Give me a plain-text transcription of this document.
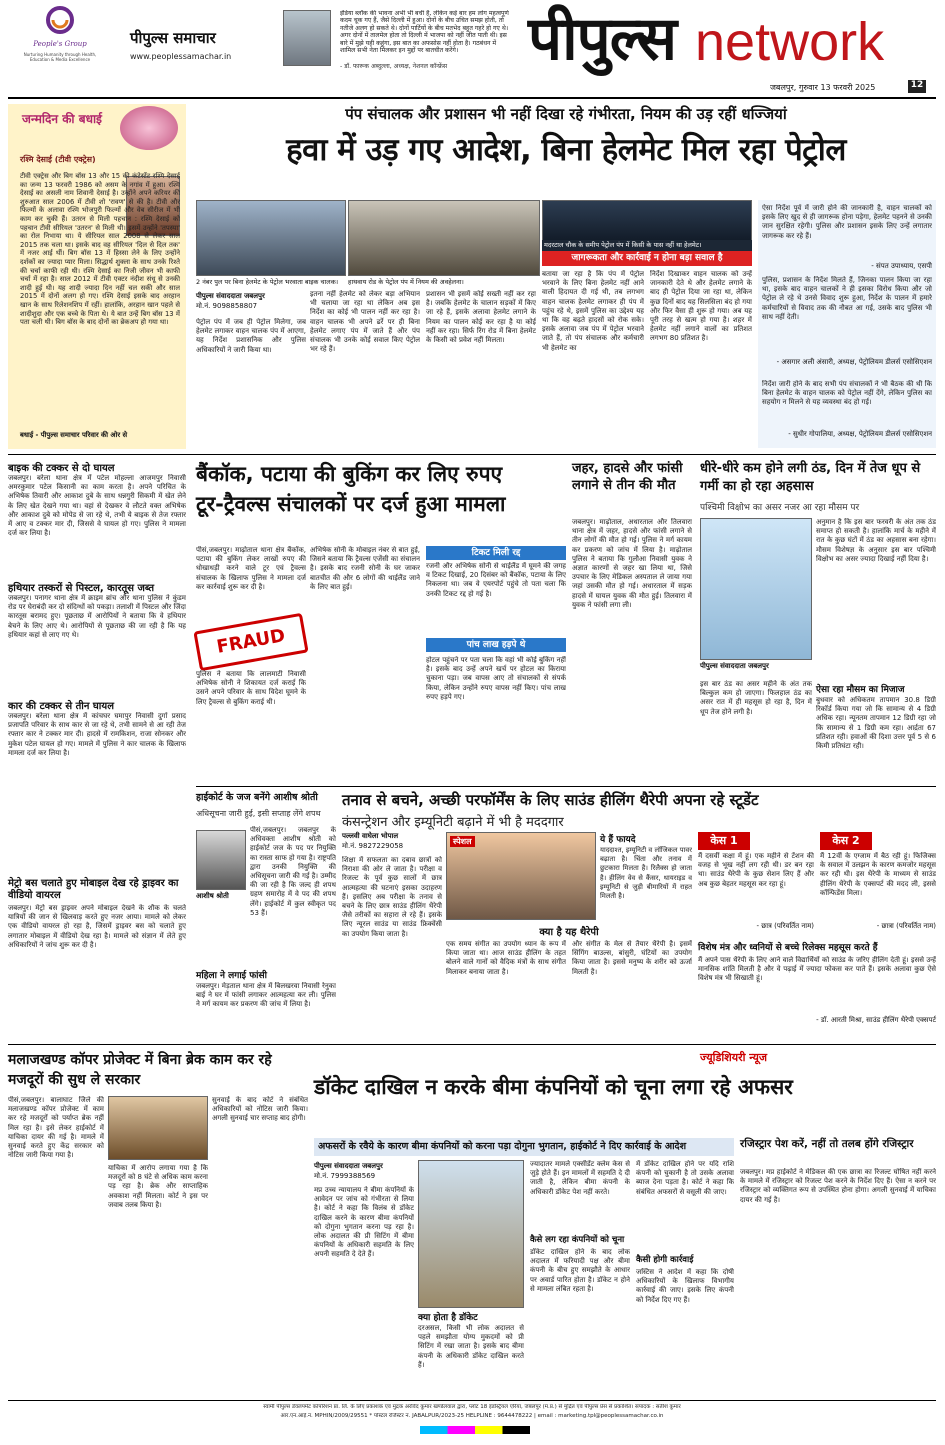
People's Group
Nurturing Humanity through Health, Education & Media Excellence
पीपुल्स समाचार
www.peoplessamachar.in
इंडिया ब्लॉक की भावना अभी भी बची है, लेकिन कई बार हम लोग महत्वपूर्ण कदम चूक गए हैं, जैसे दिल्ली में हुआ। दोनों के बीच उचित समझ होती, तो नतीजे अलग हो सकते थे। दोनों पार्टियों के बीच मतभेद बहुत गहरे हो गए थे। अगर दोनों में तालमेल होता तो दिल्ली में भाजपा को नहीं जीत पाती थी। इस बारे में मुझे यही कहूंगा, इस बात का अफसोस नहीं होता है। गठबंधन में शामिल सभी नेता मिलकर इन मुद्दों पर बातचीत करेंगे।
- डॉ. फारूक अब्दुल्ला, अध्यक्ष, नेशनल कॉन्फ्रेंस	पीपुल्स network
जबलपुर, गुरुवार 13 फरवरी 2025	12
जन्मदिन की बधाई
रश्मि देसाई (टीवी एक्ट्रेस)
टीवी एक्ट्रेस और बिग बॉस 13 और 15 की कंटेस्टेंट रश्मि देसाई का जन्म 13 फरवरी 1986 को असम के नगांव में हुआ। रश्मि देसाई का असली नाम शिवानी देसाई है। उन्होंने अपने करियर की शुरुआत साल 2006 में टीवी शो 'रावण' से की है। टीवी और फिल्मों के अलावा रश्मि भोजपुरी फिल्मों और वेब सीरीज में भी काम कर चुकी हैं। उतरन से मिली पहचान : रश्मि देसाई को पहचान टीवी सीरियल 'उतरन' से मिली थी। इसमें उन्होंने 'तपस्या' का रोल निभाया था। ये सीरियल साल 2008 से लेकर साल 2015 तक चला था। इसके बाद वह सीरियल 'दिल से दिल तक' में नजर आई थीं। बिग बॉस 13 में हिस्सा लेने के लिए उन्होंने दर्शकों का ज्यादा प्यार मिला। सिद्धार्थ शुक्ला के साथ उनके रिश्ते की चर्चा काफी रही थी। रश्मि देसाई का निजी जीवन भी काफी चर्चा में रहा है। साल 2012 में टीवी एक्टर नंदीश संधू से उनकी शादी हुई थी। यह शादी ज्यादा दिन नहीं चल सकी और साल 2015 में दोनों अलग हो गए। रश्मि देसाई इसके बाद अरहान खान के साथ रिलेशनशिप में रहीं। हालांकि, अरहान खान पहले से शादीशुदा और एक बच्चे के पिता थे। ये बात उन्हें बिग बॉस 13 में पता चली थी। बिग बॉस के बाद दोनों का ब्रेकअप हो गया था।
बधाई - पीपुल्स समाचार परिवार की ओर से
पंप संचालक और प्रशासन भी नहीं दिखा रहे गंभीरता, नियम की उड़ रहीं धज्जियां
हवा में उड़ गए आदेश, बिना हेलमेट मिल रहा पेट्रोल
2 नंबर पुल पर बिना हेलमेट के पेट्रोल भरवाता बाइक चालक।	हाथवाय रोड के पेट्रोल पंप में नियम की अवहेलना।
मदरटाल चौक के समीप पेट्रोल पंप में किसी के पास नहीं था हेलमेट।
जागरूकता और कार्रवाई न होना बड़ा सवाल है
पीपुल्स संवाददाता जबलपुर
मो.नं. 9098858807
पेट्रोल पंप में जब ही पेट्रोल मिलेगा, जब हेलमेट लगाकर वाहन चालक पंप में आएगा, यह निर्देश प्रशासनिक और पुलिस अधिकारियों ने जारी किया था।
इतना नहीं हेलमेट को लेकर बड़ा अभियान भी चलाया जा रहा था लेकिन अब इस निर्देश का कोई भी पालन नहीं कर रहा है। वाहन चालक भी अपने ढर्रे पर ही बिना हेलमेट लगाए पंप में जाते हैं और पंप संचालक भी उनके कोई सवाल किए पेट्रोल भर रहे हैं।
प्रशासन भी इसमें कोई सख्ती नहीं कर रहा है। जबकि हेलमेट के चालान सड़कों में किए जा रहे हैं, इसके अलावा हेलमेट लगाने के नियम का पालन कोई कर रहा है या कोई नहीं कर रहा। सिर्फ रिंग रोड में बिना हेलमेट के किसी को प्रवेश नहीं मिलता।
बताया जा रहा है कि पंप में पेट्रोल भरवाने के लिए बिना हेलमेट नहीं आने वाली हिदायत दी गई थी, तब लगभग वाहन चालक हेलमेट लगाकर ही पंप में पहुंच रहे थे, इसमें पुलिस का उद्देश्य यह था कि वह बढ़ते हादसों को रोक सके। इसके अलावा जब पंप में पेट्रोल भरवाने जाते हैं, तो पंप संचालक और कर्मचारी भी हेलमेट का
निर्देश दिखाकर वाहन चालक को उन्हें जानकारी देते थे और हेलमेट लगाने के बाद ही पेट्रोल दिया जा रहा था, लेकिन कुछ दिनों बाद यह सिलसिला बंद हो गया और फिर वैसा ही शुरू हो गया। अब यह पूरी तरह से खत्म हो गया है। शहर में हेलमेट नहीं लगाने वालों का प्रतिशत लगभग 80 प्रतिशत है।
ऐसा निर्देश पूर्व में जारी होने की जानकारी है, वाहन चालकों को इसके लिए खुद से ही जागरूक होना पड़ेगा, हेलमेट पहनने से उनकी जान सुरक्षित रहेगी। पुलिस और प्रशासन इसके लिए उन्हें लगातार जागरूक कर रहे हैं।
- संपत उपाध्याय, एसपी
पुलिस, प्रशासन के निर्देश मिलते हैं, जिनका पालन किया जा रहा था, इसके बाद वाहन चालकों ने ही इसका विरोध किया और जो पेट्रोल ले रहे थे उनसे विवाद शुरू हुआ, निर्देश के पालन में हमारे कर्मचारियों से विवाद तक की नौबत आ गई, उसके बाद पुलिस भी साथ नहीं देती।
- असगार अली अंसारी, अध्यक्ष, पेट्रोलियम डीलर्स एसोसिएशन
निर्देश जारी होने के बाद सभी पंप संचालकों ने भी बैठक की थी कि बिना हेलमेट के वाहन चालक को पेट्रोल नहीं देंगे, लेकिन पुलिस का सहयोग न मिलने से यह व्यवस्था बंद हो गई।
- सुधीर गोपालिया, अध्यक्ष, पेट्रोलियम डीलर्स एसोसिएशन
बाइक की टक्कर से दो घायल
जबलपुर। बरेला थाना क्षेत्र में पटेल मोहल्ला आजमपुर निवासी अमरकुमार पटेल किसानी का काम करता है। अपने परिचित के अभिषेक तिवारी और आकाश दुबे के साथ धन्नगुरी सिकमी में खेत लेने के लिए खेत देखने गया था। वहां से देखकर वे लौटते वक्त अभिषेक और आकाश दुबे को मोपेड से जा रहे थे, तभी ये बाइक से तेज रफ्तार में आए व टक्कर मार दी, जिससे वे घायल हो गए। पुलिस ने मामला दर्ज कर लिया है।
हथियार तस्करों से पिस्टल, कारतूस जब्त
जबलपुर। पनागर थाना क्षेत्र में क्राइम ब्रांच और थाना पुलिस ने कुंडम रोड पर घेराबंदी कर दो संदिग्धों को पकड़ा। तलाशी में पिस्टल और जिंदा कारतूस बरामद हुए। पूछताछ में आरोपियों ने बताया कि वे हथियार बेचने के लिए आए थे। आरोपियों से पूछताछ की जा रही है कि यह हथियार कहां से लाए गए थे।
कार की टक्कर से तीन घायल
जबलपुर। बरेला थाना क्षेत्र में कांचघर घमापुर निवासी दुर्गा प्रसाद प्रजापति परिवार के साथ कार से जा रहे थे, तभी सामने से आ रही तेज रफ्तार कार ने टक्कर मार दी। हादसे में रामकिशन, राजा सोनकर और मुकेश पटेल घायल हो गए। मामले में पुलिस ने कार चालक के खिलाफ मामला दर्ज कर लिया है।
मेट्रो बस चलाते हुए मोबाइल देख रहे ड्राइवर का वीडियो वायरल
जबलपुर। मेट्रो बस ड्राइवर अपने मोबाइल देखने के शौक के चलते यात्रियों की जान से खिलवाड़ करते हुए नजर आया। मामले को लेकर एक वीडियो वायरल हो रहा है, जिसमें ड्राइवर बस को चलाते हुए लगातार मोबाइल में वीडियो देख रहा है। मामले को संज्ञान में लेते हुए अधिकारियों ने जांच शुरू कर दी है।
बैंकॉक, पटाया की बुकिंग कर लिए रुपए
टूर-ट्रैवल्स संचालकों पर दर्ज हुआ मामला
पीसं,जबलपुर। माढ़ोताल थाना क्षेत्र बैंकॉक, पटाया की बुकिंग लेकर लाखों रुपए की धोखाधड़ी करने वाले टूर एवं ट्रैवल्स संचालक के खिलाफ पुलिस ने मामला दर्ज कर कार्रवाई शुरू कर दी है।
FRAUD
पुलिस ने बताया कि लालमाटी निवासी अभिषेक सोनी ने शिकायत दर्ज कराई कि उसने अपने परिवार के साथ विदेश घूमने के लिए ट्रैवल्स से बुकिंग कराई थी।
अभिषेक सोनी के मोबाइल नंबर से बात हुई, जिसने बताया कि ट्रैवल्स एजेंसी का संचालन है। इसके बाद रजनी सोनी के घर जाकर बातचीत की और 6 लोगों की थाईलैंड जाने के लिए बात हुई।
टिकट मिली रद्द
रजनी और अभिषेक सोनी से थाईलैंड में घूमने की जगह व टिकट दिखाई, 20 दिसंबर को बैंकॉक, पटाया के लिए निकलना था। जब वे एयरपोर्ट पहुंचे तो पता चला कि उनकी टिकट रद्द हो गई है।
पांच लाख हड़पे थे
होटल पहुंचने पर पता चला कि वहां भी कोई बुकिंग नहीं है। इसके बाद उन्हें अपने खर्च पर होटल का किराया चुकाना पड़ा। जब वापस आए तो संचालकों से संपर्क किया, लेकिन उन्होंने रुपए वापस नहीं किए। पांच लाख रुपए हड़पे गए।
जहर, हादसे और फांसी लगाने से तीन की मौत
जबलपुर। माढ़ोताल, अधारताल और तिलवारा थाना क्षेत्र में जहर, हादसे और फांसी लगाने से तीन लोगों की मौत हो गई। पुलिस ने मर्ग कायम कर प्रकरण को जांच में लिया है। माढ़ोताल पुलिस ने बताया कि गुलौआ निवासी युवक ने अज्ञात कारणों से जहर खा लिया था, जिसे उपचार के लिए मेडिकल अस्पताल ले जाया गया जहां उसकी मौत हो गई। अधारताल में सड़क हादसे में घायल युवक की मौत हुई। तिलवारा में युवक ने फांसी लगा ली।
धीरे-धीरे कम होने लगी ठंड, दिन में तेज धूप से गर्मी का हो रहा अहसास
पश्चिमी विक्षोभ का असर नजर आ रहा मौसम पर
पीपुल्स संवाददाता जबलपुर
अनुमान है कि इस बार फरवरी के अंत तक ठंड समाप्त हो सकती है। हालांकि मार्च के महीने में रात के कुछ घंटों में ठंड का अहसास बना रहेगा। मौसम विशेषज्ञ के अनुसार इस बार पश्चिमी विक्षोभ का असर ज्यादा दिखाई नहीं दिया है।
इस बार ठंड का असर महीने के अंत तक बिल्कुल कम हो जाएगा। फिलहाल ठंड का असर रात में ही महसूस हो रहा है, दिन में धूप तेज होने लगी है।
ऐसा रहा मौसम का मिजाज
बुधवार को अधिकतम तापमान 30.8 डिग्री रिकॉर्ड किया गया जो कि सामान्य से 4 डिग्री अधिक रहा। न्यूनतम तापमान 12 डिग्री रहा जो कि सामान्य से 1 डिग्री कम रहा। आर्द्रता 67 प्रतिशत रही। हवाओं की दिशा उत्तर पूर्व 5 से 6 किमी प्रतिघंटा रही।
हाईकोर्ट के जज बनेंगे आशीष श्रोती
अधिसूचना जारी हुई, इसी सप्ताह लेंगे शपथ
आशीष श्रोती
पीसं,जबलपुर। जबलपुर के अधिवक्ता आशीष श्रोती को हाईकोर्ट जज के पद पर नियुक्ति का रास्ता साफ हो गया है। राष्ट्रपति द्वारा उनकी नियुक्ति की अधिसूचना जारी की गई है। उम्मीद की जा रही है कि जल्द ही शपथ ग्रहण समारोह में वे पद की शपथ लेंगे। हाईकोर्ट में कुल स्वीकृत पद 53 हैं।
महिला ने लगाई फांसी
जबलपुर। मेड़ताल थाना क्षेत्र में बिलखरवा निवासी रेनुका बाई ने घर में फांसी लगाकर आत्महत्या कर ली। पुलिस ने मर्ग कायम कर प्रकरण की जांच में लिया है।
तनाव से बचने, अच्छी परफॉर्मेंस के लिए साउंड हीलिंग थैरेपी अपना रहे स्टूडेंट
कंसन्ट्रेशन और इम्यूनिटी बढ़ाने में भी है मददगार
पल्लवी वाघेला भोपाल
मो.नं. 9827229058
शिक्षा में सफलता का दबाव छात्रों को निराशा की ओर ले जाता है। परीक्षा व रिजल्ट के पूर्व कुछ सालों में छात्र आत्महत्या की घटनाएं इसका उदाहरण हैं। इसलिए अब परीक्षा के तनाव से बचने के लिए छात्र साउंड हीलिंग थैरेपी जैसे तरीकों का सहारा ले रहे हैं। इसके लिए न्यूरल साउंड या साउंड फ्रिक्वेंसी का उपयोग किया जाता है।
स्पेशल	ये हैं फायदे
याददाश्त, इम्यूनिटी व लॉजिकल पावर बढ़ाता है। चिंता और तनाव में छुटकारा मिलता है। रिलैक्स हो जाता है। हीलिंग वेव से कैंसर, थायराइड व इम्यूनिटी से जुड़ी बीमारियों में राहत मिलती है।
क्या है यह थैरेपी
एक समय संगीत का उपयोग ध्यान के रूप में किया जाता था। आज साउंड हीलिंग के तहत बोलने वाले गानों को वैदिक मंत्रों के साथ संगीत मिलाकर बनाया जाता है।
और संगीत के मेल से तैयार थैरेपी है। इसमें सिंगिंग बाउल्स, बांसुरी, घंटियों का उपयोग किया जाता है। इससे मनुष्य के शरीर को ऊर्जा मिलती है।
केस 1
मैं दसवीं कक्षा में हूं। एक महीने से टेंशन की वजह से भूख नहीं लग रही थी। डर बन रहा था। साउंड थैरेपी के कुछ सेशन लिए हैं और अब कुछ बेहतर महसूस कर रहा हूं।
- छात्र (परिवर्तित नाम)
केस 2
मैं 12वीं के एग्जाम में बैठ रही हूं। फिजिक्स के सवाल में उलझन के कारण कमजोर महसूस कर रही थी। इस थैरेपी के माध्यम से साउंड हीलिंग थैरेपी के एक्सपर्ट की मदद ली, इससे कॉन्फिडेंस मिला।
- छात्रा (परिवर्तित नाम)
विशेष मंत्र और ध्वनियों से बच्चे रिलेक्स महसूस करते हैं
मैं अपने पास थैरेपी के लिए आने वाले विद्यार्थियों को साउंड के जरिए हीलिंग देती हूं। इससे उन्हें मानसिक शांति मिलती है और वे पढ़ाई में ज्यादा फोकस कर पाते हैं। इसके अलावा कुछ ऐसे विशेष मंत्र भी सिखाती हूं।
- डॉ. आरती मिश्रा, साउंड हीलिंग थैरेपी एक्सपर्ट
मलाजखण्ड कॉपर प्रोजेक्ट में बिना ब्रेक काम कर रहे मजदूरों की सुध ले सरकार
पीसं,जबलपुर। बालाघाट जिले की मलाजखण्ड कॉपर प्रोजेक्ट में काम कर रहे मजदूरों को पर्याप्त ब्रेक नहीं मिल रहा है। इसे लेकर हाईकोर्ट में याचिका दायर की गई है। मामले में सुनवाई करते हुए केंद्र सरकार को नोटिस जारी किया गया है।
याचिका में आरोप लगाया गया है कि मजदूरों को 8 घंटे से अधिक काम करना पड़ रहा है। ब्रेक और साप्ताहिक अवकाश नहीं मिलता। कोर्ट ने इस पर जवाब तलब किया है।
सुनवाई के बाद कोर्ट ने संबंधित अधिकारियों को नोटिस जारी किया। अगली सुनवाई चार सप्ताह बाद होगी।
ज्यूडिशियरी न्यूज
डॉकेट दाखिल न करके बीमा कंपनियों को चूना लगा रहे अफसर
अफसरों के रवैये के कारण बीमा कंपनियों को करना पड़ा दोगुना भुगतान, हाईकोर्ट ने दिए कार्रवाई के आदेश
पीपुल्स संवाददाता जबलपुर
मो.नं. 7999388569
मप्र उच्च न्यायालय ने बीमा कंपनियों के आवेदन पर जांच को गंभीरता से लिया है। कोर्ट ने कहा कि विलंब से डॉकेट दाखिल करने के कारण बीमा कंपनियों को दोगुना भुगतान करना पड़ रहा है। लोक अदालत की प्री सिटिंग में बीमा कंपनियों के अधिकारी सहमति के लिए अपनी सहमति दे देते हैं।
क्या होता है डॉकेट
दरअसल, किसी भी लोक अदालत से पहले समझौता योग्य मुकदमों को प्री सिटिंग में रखा जाता है। इसके बाद बीमा कंपनी के अधिकारी डॉकेट दाखिल करते हैं।
ज्यादातर मामले एक्सीडेंट क्लेम केस से जुड़े होते हैं। इन मामलों में सहमति दे दी जाती है, लेकिन बीमा कंपनी के अधिकारी डॉकेट पेश नहीं करते।
कैसे लग रहा कंपनियों को चूना
डॉकेट दाखिल होने के बाद लोक अदालत में फरियादी पक्ष और बीमा कंपनी के बीच हुए समझौते के आधार पर अवार्ड पारित होता है। डॉकेट न होने से मामला लंबित रहता है।
में डॉकेट दाखिल होने पर यदि राशि कंपनी को चुकानी है तो उसके अलावा ब्याज देना पड़ता है। कोर्ट ने कहा कि संबंधित अफसरों से वसूली की जाए।
कैसी होगी कार्रवाई
जस्टिस ने आदेश में कहा कि दोषी अधिकारियों के खिलाफ विभागीय कार्रवाई की जाए। इसके लिए कंपनी को निर्देश दिए गए हैं।
रजिस्ट्रार पेश करें, नहीं तो तलब होंगे रजिस्ट्रार
जबलपुर। मप्र हाईकोर्ट ने मेडिकल की एक छात्रा का रिजल्ट घोषित नहीं करने के मामले में रजिस्ट्रार को रिजल्ट पेश करने के निर्देश दिए हैं। ऐसा न करने पर रजिस्ट्रार को व्यक्तिगत रूप से उपस्थित होना होगा। अगली सुनवाई में याचिका दायर की गई है।
स्वामी पीपुल्स डेवलपमेंट कॉर्पोरेशन प्रा. लि. के लिए प्रकाशक एवं मुद्रक अरविंद कुमार खण्डेलवाल द्वारा, प्लॉट 18 इंडस्ट्रियल एरिया, जबलपुर (म.प्र.) से मुद्रित एवं पीपुल्स प्रेस से प्रकाशित। संपादक : सतीश कुमार
आर.एन.आई.नं. MPHIN/2009/29551 * पोस्टल रजिस्टर नं. JABALPUR/2023-25 HELPLINE : 9644478222 | email : marketing.tpl@peoplessamachar.co.in
